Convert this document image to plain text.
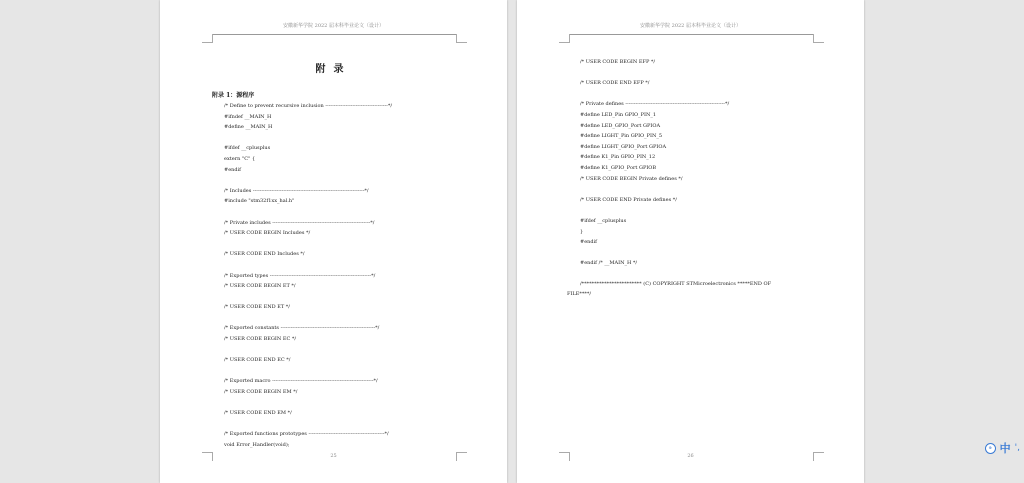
安徽新华学院 2022 届本科毕业论文（设计）
附录
附录 1：源程序
/* Define to prevent recursive inclusion -------------------------------------*/
#ifndef __MAIN_H
#define __MAIN_H
#ifdef __cplusplus
extern "C" {
#endif
/* Includes ------------------------------------------------------------------*/
#include "stm32f1xx_hal.h"
/* Private includes ----------------------------------------------------------*/
/* USER CODE BEGIN Includes */
/* USER CODE END Includes */
/* Exported types ------------------------------------------------------------*/
/* USER CODE BEGIN ET */
/* USER CODE END ET */
/* Exported constants --------------------------------------------------------*/
/* USER CODE BEGIN EC */
/* USER CODE END EC */
/* Exported macro ------------------------------------------------------------*/
/* USER CODE BEGIN EM */
/* USER CODE END EM */
/* Exported functions prototypes ---------------------------------------------*/
void Error_Handler(void);
25
安徽新华学院 2022 届本科毕业论文（设计）
/* USER CODE BEGIN EFP */
/* USER CODE END EFP */
/* Private defines -----------------------------------------------------------*/
#define LED_Pin GPIO_PIN_1
#define LED_GPIO_Port GPIOA
#define LIGHT_Pin GPIO_PIN_5
#define LIGHT_GPIO_Port GPIOA
#define K1_Pin GPIO_PIN_12
#define K1_GPIO_Port GPIOB
/* USER CODE BEGIN Private defines */
/* USER CODE END Private defines */
#ifdef __cplusplus
}
#endif
#endif /* __MAIN_H */
/************************ (C) COPYRIGHT STMicroelectronics *****END OF
FILE****/
26
⊕ 中 ',
